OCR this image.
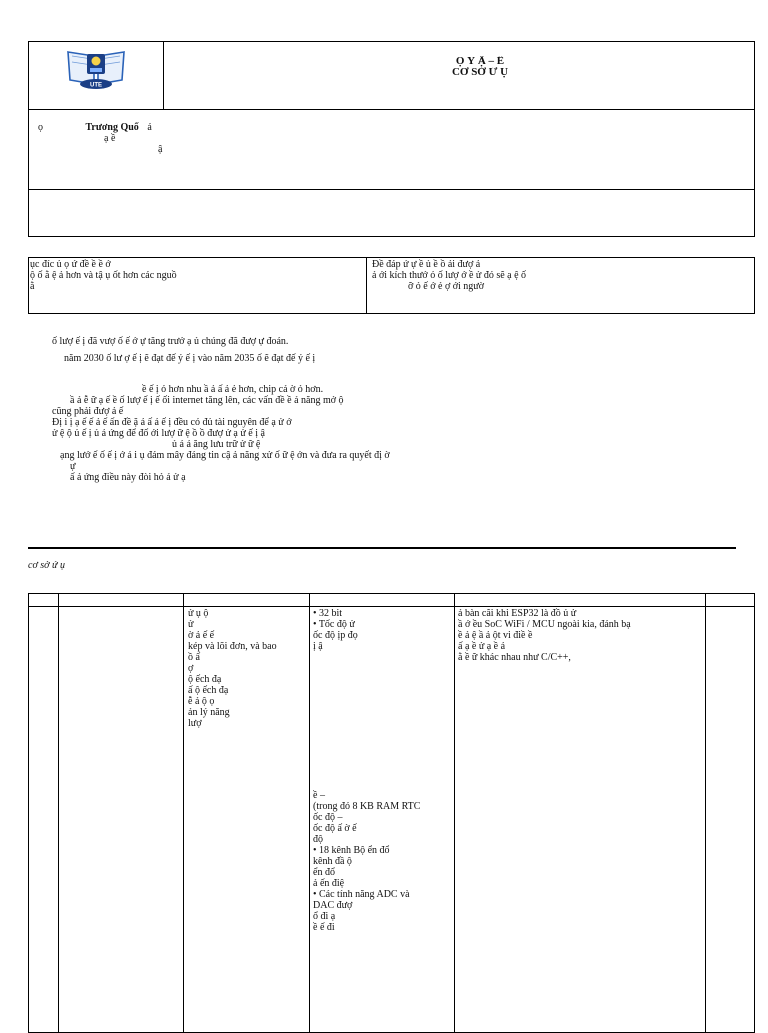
UTE
Ọ Ỹ Ậ – Ề
CƠ SỞ Ứ Ụ
ọ	Trương Quố ả
ạ ề
ậ
ục đíc ủ ọ ứ đề ề ề ớ
ộ ố ằ ệ ả hơn và tậ ụ ốt hơn các nguồ
ằ
Đề đáp ứ ự ề ủ ề ồ ải đượ ả
ả ới kích thướ ỏ ố lượ ớ ề ử đó sẽ ạ ệ ố
ỡ ỏ ế ớ ẻ ợ ới ngườ
ố lượ ế ị đã vượ ố ế ớ ự tăng trưở ạ ủ chúng đã đượ ự đoán.
năm 2030 ố lư ợ ế ị ẽ đạt đế ỷ ế ị vào năm 2035 ố ẽ đạt đế ỷ ế ị
ề ế ị ỏ hơn nhu ầ ả ấ ả ẻ hơn, chip cả ờ ỏ hơn.
ầ ả ễ ữ ạ ế ề ố lượ ế ị ế ối internet tăng lên, các vấn đề ề ả năng mở ộ
cũng phải đượ ả ế
Đị i ị ạ ế ế ả ế ấn đề ặ ả ấ ả ế ị đều có đủ tài nguyên để ạ ử ớ
ử ệ ộ ủ ế ị ủ ả ứng để đố ới lượ ữ ệ ồ ồ đượ ử ạ ử ế ị ậ
ủ ả ả ăng lưu trữ ử ữ ệ
ạng lướ ế ố ế ị ớ ả i ụ đám mây đáng tin cậ ả năng xử ố ữ ệ ớn và đưa ra quyết đị ờ
ự
ấ ả ứng điều này đòi hỏ ả ử ạ
cơ sở ứ ụ
ử ụ ộ
ử
ờ ả ế ế
kép và lõi đơn, và bao
ồ ấ
ợ
ộ ếch đạ
ấ ộ ếch đạ
ễ ả ộ ọ
ản lý năng
lượ
• 32 bit
• Tốc độ ử
ốc độ ịp đọ
ị ậ
ề –
(trong đó 8 KB RAM RTC
ốc độ –
ốc độ ấ ờ ế
độ
• 18 kênh Bộ ển đổ
kênh đầ ộ
ển đổ
ả ến điệ
• Các tính năng ADC và
DAC đượ
ổ đi ạ
ề ế đi
ả bàn cãi khi ESP32 là đồ ủ ử
ầ ớ ều SoC WiFi / MCU ngoài kia, đánh bạ
ề ả ệ ầ ả ột vi điề ề
ấ ạ ề ử ạ ề ả
ằ ề ữ khác nhau như C/C++,
